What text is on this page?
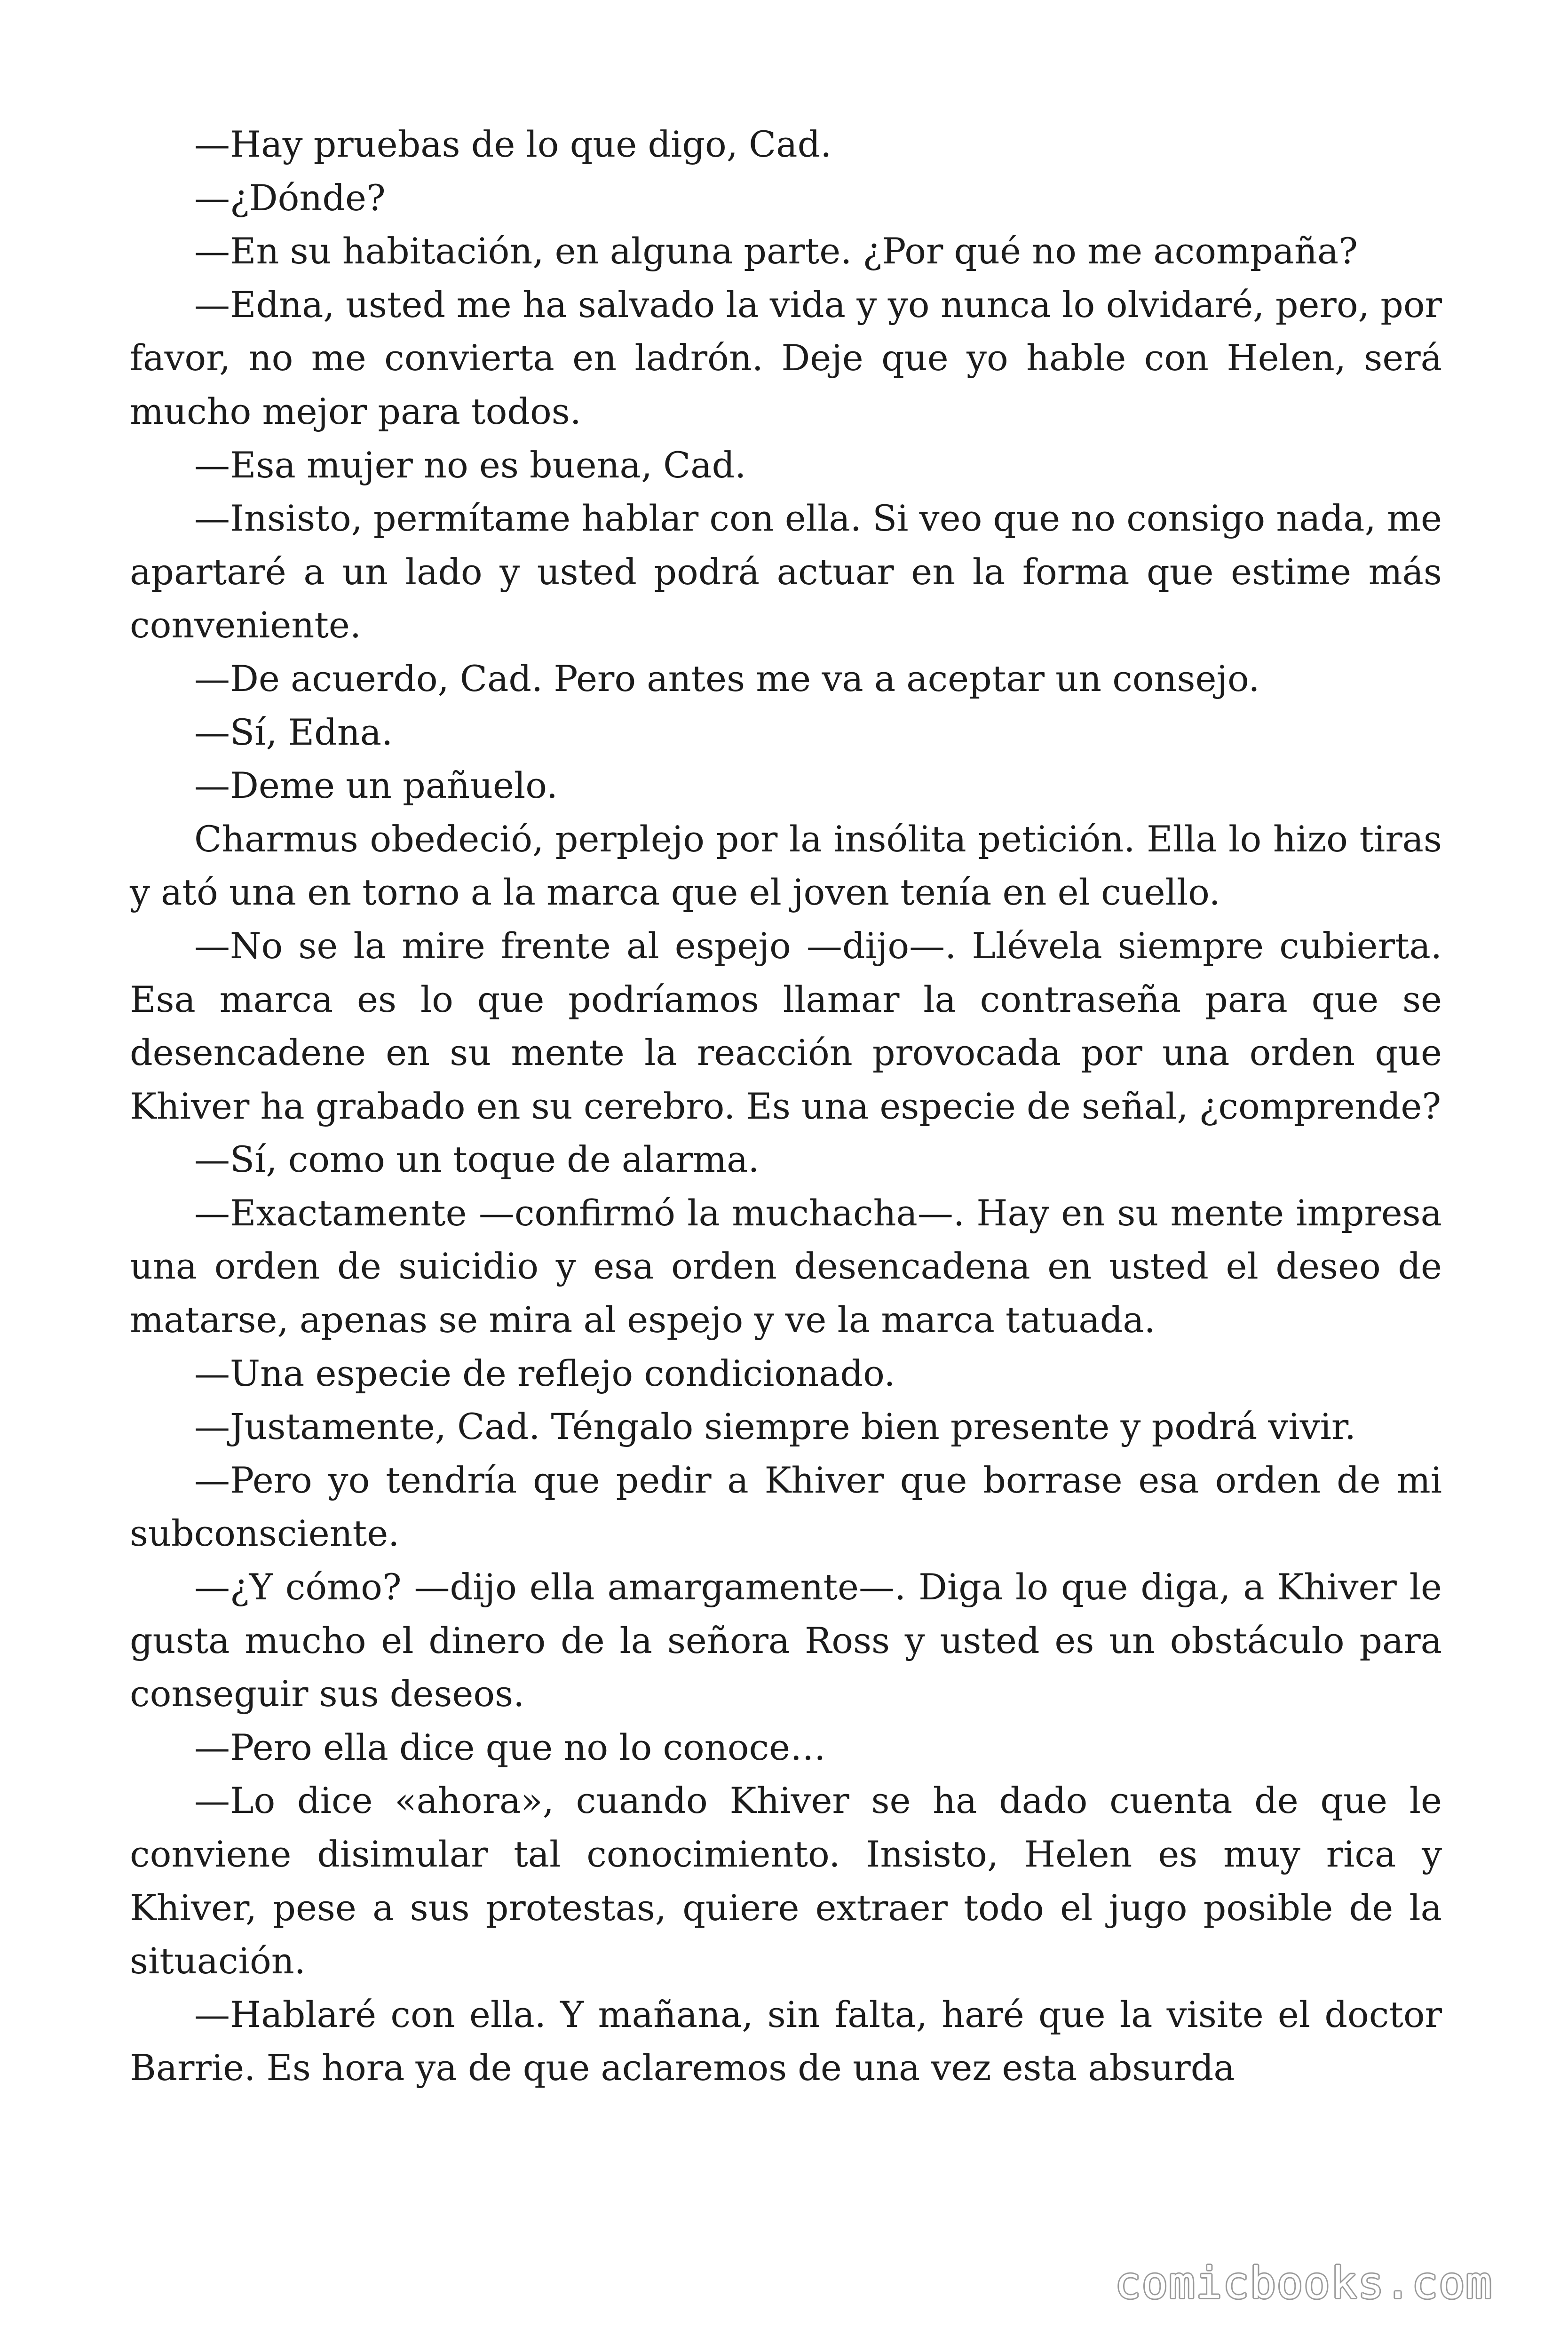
—Hay pruebas de lo que digo, Cad.

—¿Dónde?

—En su habitación, en alguna parte. ¿Por qué no me acompaña?

—Edna, usted me ha salvado la vida y yo nunca lo olvidaré, pero, por favor, no me convierta en ladrón. Deje que yo hable con Helen, será mucho mejor para todos.

—Esa mujer no es buena, Cad.

—Insisto, permítame hablar con ella. Si veo que no consigo nada, me apartaré a un lado y usted podrá actuar en la forma que estime más conveniente.

—De acuerdo, Cad. Pero antes me va a aceptar un consejo.

—Sí, Edna.

—Deme un pañuelo.

Charmus obedeció, perplejo por la insólita petición. Ella lo hizo tiras y ató una en torno a la marca que el joven tenía en el cuello.

—No se la mire frente al espejo —dijo—. Llévela siempre cubierta. Esa marca es lo que podríamos llamar la contraseña para que se desencadene en su mente la reacción provocada por una orden que Khiver ha grabado en su cerebro. Es una especie de señal, ¿comprende?

—Sí, como un toque de alarma.

—Exactamente —confirmó la muchacha—. Hay en su mente impresa una orden de suicidio y esa orden desencadena en usted el deseo de matarse, apenas se mira al espejo y ve la marca tatuada.

—Una especie de reflejo condicionado.

—Justamente, Cad. Téngalo siempre bien presente y podrá vivir.

—Pero yo tendría que pedir a Khiver que borrase esa orden de mi subconsciente.

—¿Y cómo? —dijo ella amargamente—. Diga lo que diga, a Khiver le gusta mucho el dinero de la señora Ross y usted es un obstáculo para conseguir sus deseos.

—Pero ella dice que no lo conoce…

—Lo dice «ahora», cuando Khiver se ha dado cuenta de que le conviene disimular tal conocimiento. Insisto, Helen es muy rica y Khiver, pese a sus protestas, quiere extraer todo el jugo posible de la situación.

—Hablaré con ella. Y mañana, sin falta, haré que la visite el doctor Barrie. Es hora ya de que aclaremos de una vez esta absurda

comicbooks.com
